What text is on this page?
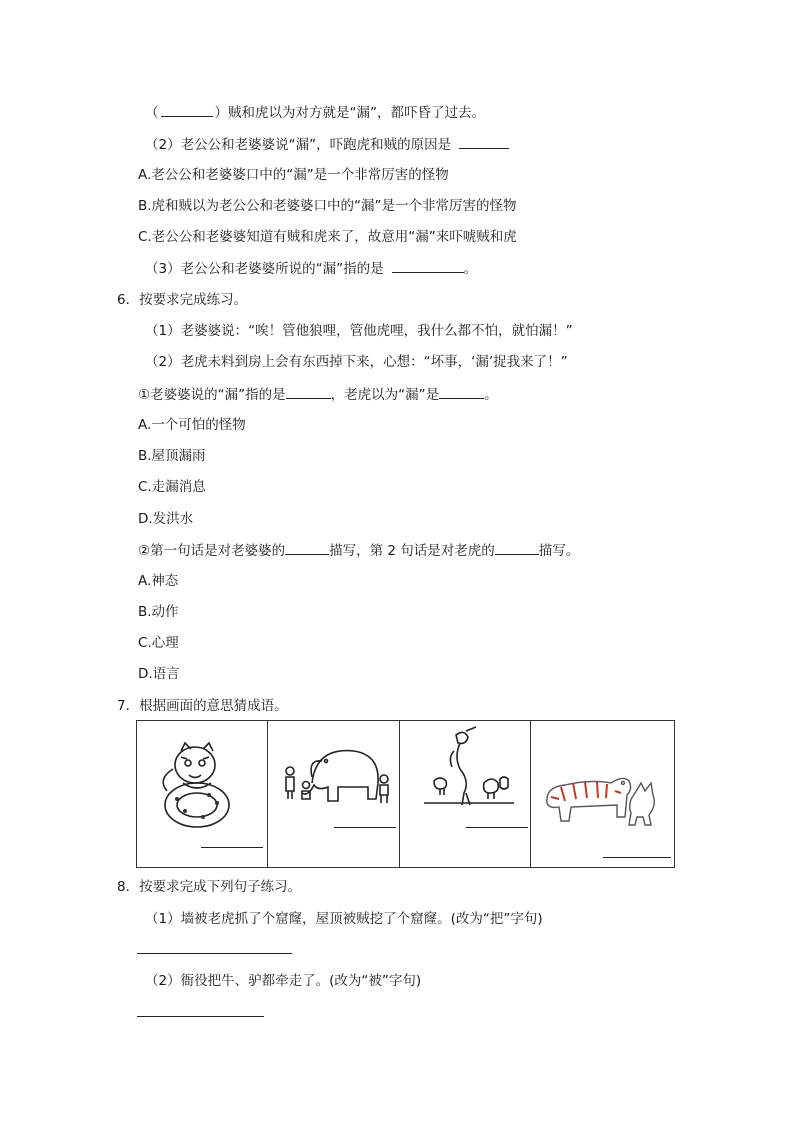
（	）贼和虎以为对方就是“漏”，都吓昏了过去。
（2）老公公和老婆婆说“漏”，吓跑虎和贼的原因是
A.老公公和老婆婆口中的“漏”是一个非常厉害的怪物
B.虎和贼以为老公公和老婆婆口中的“漏”是一个非常厉害的怪物
C.老公公和老婆婆知道有贼和虎来了，故意用“漏”来吓唬贼和虎
（3）老公公和老婆婆所说的“漏”指的是	。
6．按要求完成练习。
（1）老婆婆说：“唉！管他狼哩，管他虎哩，我什么都不怕，就怕漏！”
（2）老虎未料到房上会有东西掉下来，心想：“坏事，‘漏’捉我来了！”
①老婆婆说的“漏”指的是	，老虎以为“漏”是	。
A.一个可怕的怪物
B.屋顶漏雨
C.走漏消息
D.发洪水
②第一句话是对老婆婆的	描写，第 2 句话是对老虎的	描写。
A.神态
B.动作
C.心理
D.语言
7．根据画面的意思猜成语。
8．按要求完成下列句子练习。
（1）墙被老虎抓了个窟窿，屋顶被贼挖了个窟窿。(改为“把”字句)
（2）衙役把牛、驴都牵走了。(改为“被”字句)
